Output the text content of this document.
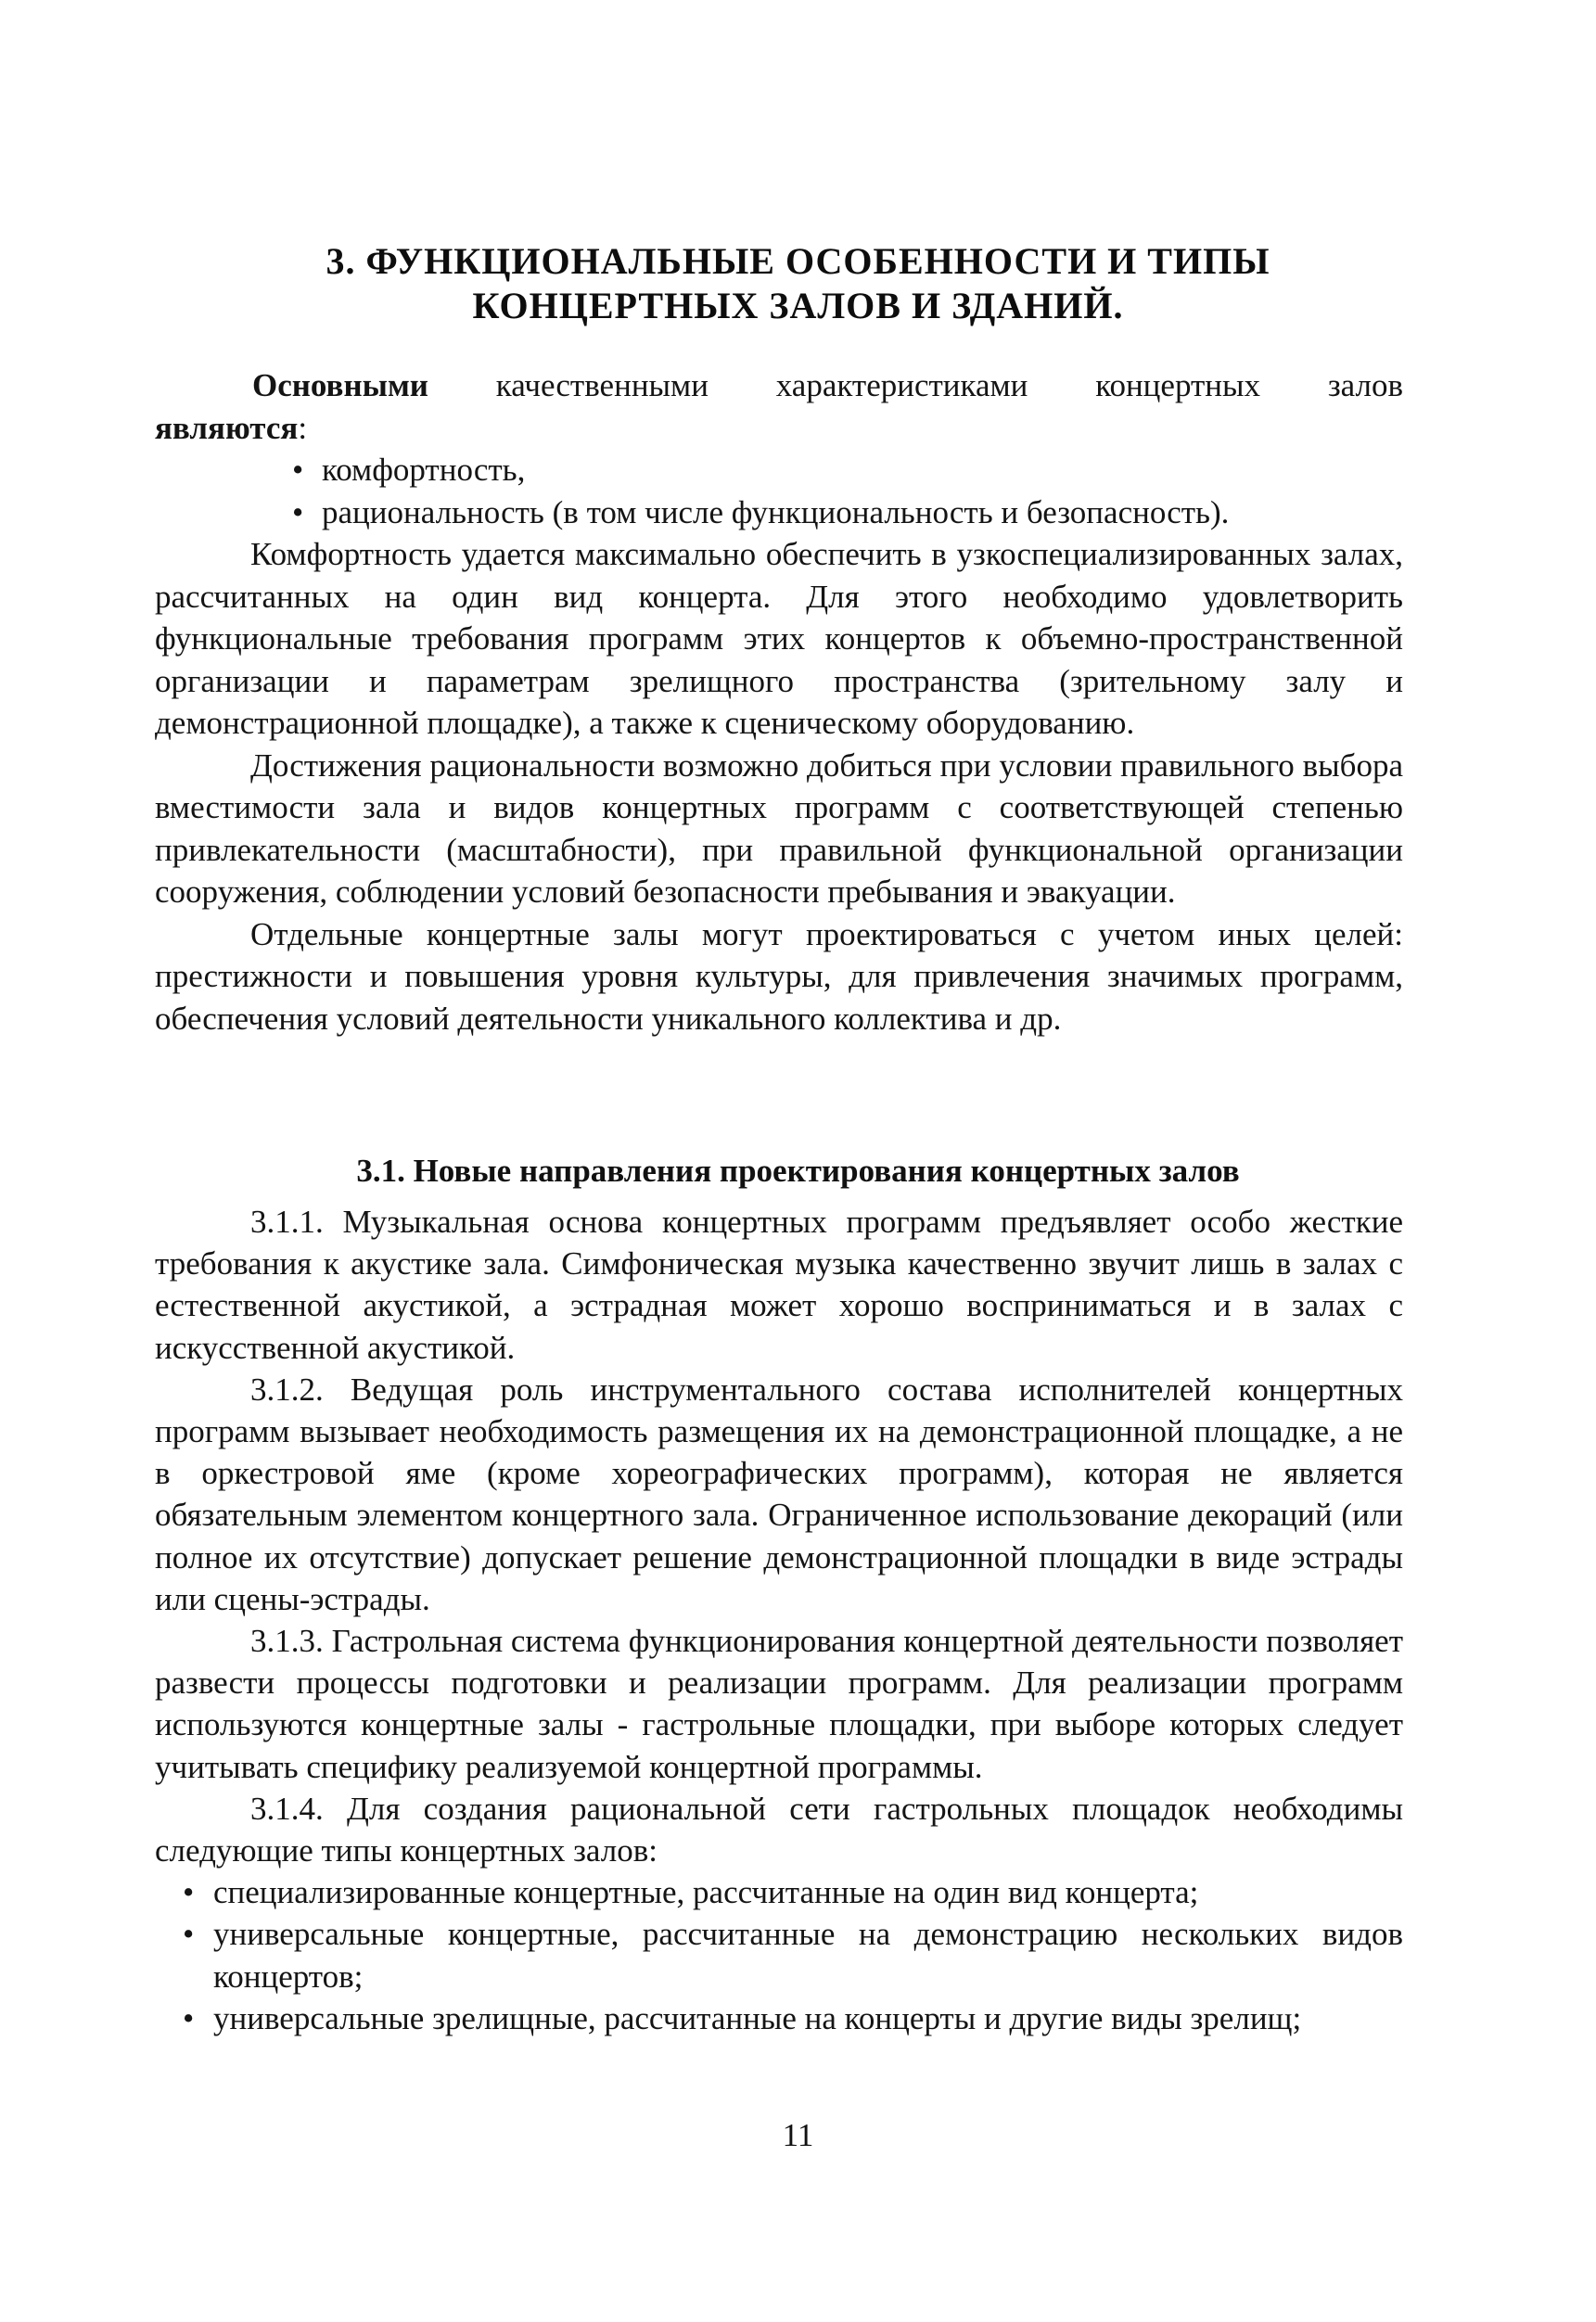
3. ФУНКЦИОНАЛЬНЫЕ ОСОБЕННОСТИ И ТИПЫ
КОНЦЕРТНЫХ ЗАЛОВ И ЗДАНИЙ.
Основными качественными характеристиками концертных залов
являются:
• комфортность,
• рациональность (в том числе функциональность и безопасность).

Комфортность удается максимально обеспечить в узкоспециализированных залах, рассчитанных на один вид концерта. Для этого необходимо удовлетворить функциональные требования программ этих концертов к объемно-пространственной организации и параметрам зрелищного пространства (зрительному залу и демонстрационной площадке), а также к сценическому оборудованию.

Достижения рациональности возможно добиться при условии правильного выбора вместимости зала и видов концертных программ с соответствующей степенью привлекательности (масштабности), при правильной функциональной организации сооружения, соблюдении условий безопасности пребывания и эвакуации.

Отдельные концертные залы могут проектироваться с учетом иных целей: престижности и повышения уровня культуры, для привлечения значимых программ, обеспечения условий деятельности уникального коллектива и др.

3.1. Новые направления проектирования концертных залов

3.1.1. Музыкальная основа концертных программ предъявляет особо жесткие требования к акустике зала. Симфоническая музыка качественно звучит лишь в залах с естественной акустикой, а эстрадная может хорошо восприниматься и в залах с искусственной акустикой.

3.1.2. Ведущая роль инструментального состава исполнителей концертных программ вызывает необходимость размещения их на демонстрационной площадке, а не в оркестровой яме (кроме хореографических программ), которая не является обязательным элементом концертного зала. Ограниченное использование декораций (или полное их отсутствие) допускает решение демонстрационной площадки в виде эстрады или сцены-эстрады.

3.1.3. Гастрольная система функционирования концертной деятельности позволяет развести процессы подготовки и реализации программ. Для реализации программ используются концертные залы - гастрольные площадки, при выборе которых следует учитывать специфику реализуемой концертной программы.

3.1.4. Для создания рациональной сети гастрольных площадок необходимы следующие типы концертных залов:

• специализированные концертные, рассчитанные на один вид концерта;
• универсальные концертные, рассчитанные на демонстрацию нескольких видов концертов;
• универсальные зрелищные, рассчитанные на концерты и другие виды зрелищ;
11
